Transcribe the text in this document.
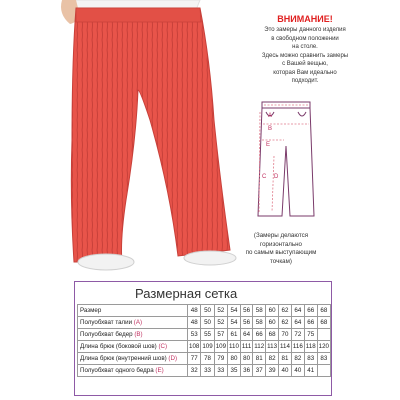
ВНИМАНИЕ!
Это замеры данного изделия
в свободном положении
на столе.
Здесь можно сравнить замеры
с Вашей вещью,
которая Вам идеально
подходит.
A
B
E
C D
(Замеры делаются
горизонтально
по самым выступающим
точкам)
Размерная сетка
Размер	48	50	52	54	56	58	60	62	64	66	68
Полуобхват талии (A)	48	50	52	54	56	58	60	62	64	66	68
Полуобхват бедер (B)	53	55	57	61	64	66	68	70	72	75	
Длина брюк (боковой шов) (C)	108	109	109	110	111	112	113	114	116	118	120
Длина брюк (внутренний шов) (D)	77	78	79	80	80	81	82	81	82	83	83
Полуобхват одного бедра (E)	32	33	33	35	36	37	39	40	40	41	
